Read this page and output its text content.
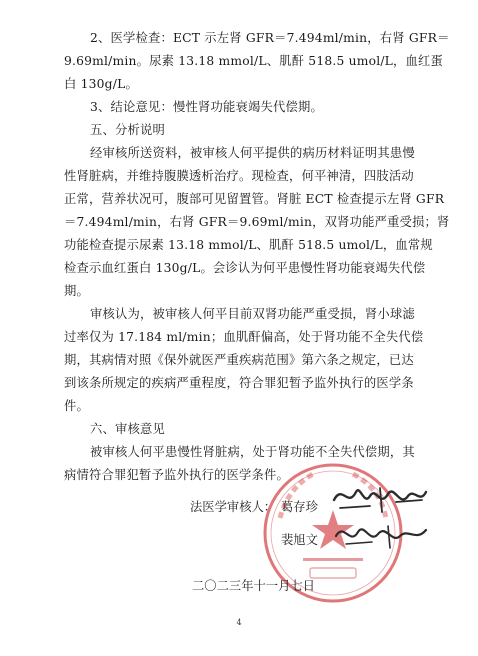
2、医学检查：ECT 示左肾 GFR＝7.494ml/min，右肾 GFR＝
9.69ml/min。尿素 13.18 mmol/L、肌酐 518.5 umol/L，血红蛋
白 130g/L。
3、结论意见：慢性肾功能衰竭失代偿期。
五、分析说明
经审核所送资料，被审核人何平提供的病历材料证明其患慢
性肾脏病，并维持腹膜透析治疗。现检查，何平神清，四肢活动
正常，营养状况可，腹部可见留置管。肾脏 ECT 检查提示左肾 GFR
＝7.494ml/min，右肾 GFR＝9.69ml/min，双肾功能严重受损；肾
功能检查提示尿素 13.18 mmol/L、肌酐 518.5 umol/L，血常规
检查示血红蛋白 130g/L。会诊认为何平患慢性肾功能衰竭失代偿
期。
审核认为，被审核人何平目前双肾功能严重受损，肾小球滤
过率仅为 17.184 ml/min；血肌酐偏高，处于肾功能不全失代偿
期，其病情对照《保外就医严重疾病范围》第六条之规定，已达
到该条所规定的疾病严重程度，符合罪犯暂予监外执行的医学条
件。
六、审核意见
被审核人何平患慢性肾脏病，处于肾功能不全失代偿期，其
病情符合罪犯暂予监外执行的医学条件。
法医学审核人： 葛存珍
裴旭文
二〇二三年十一月七日
4
